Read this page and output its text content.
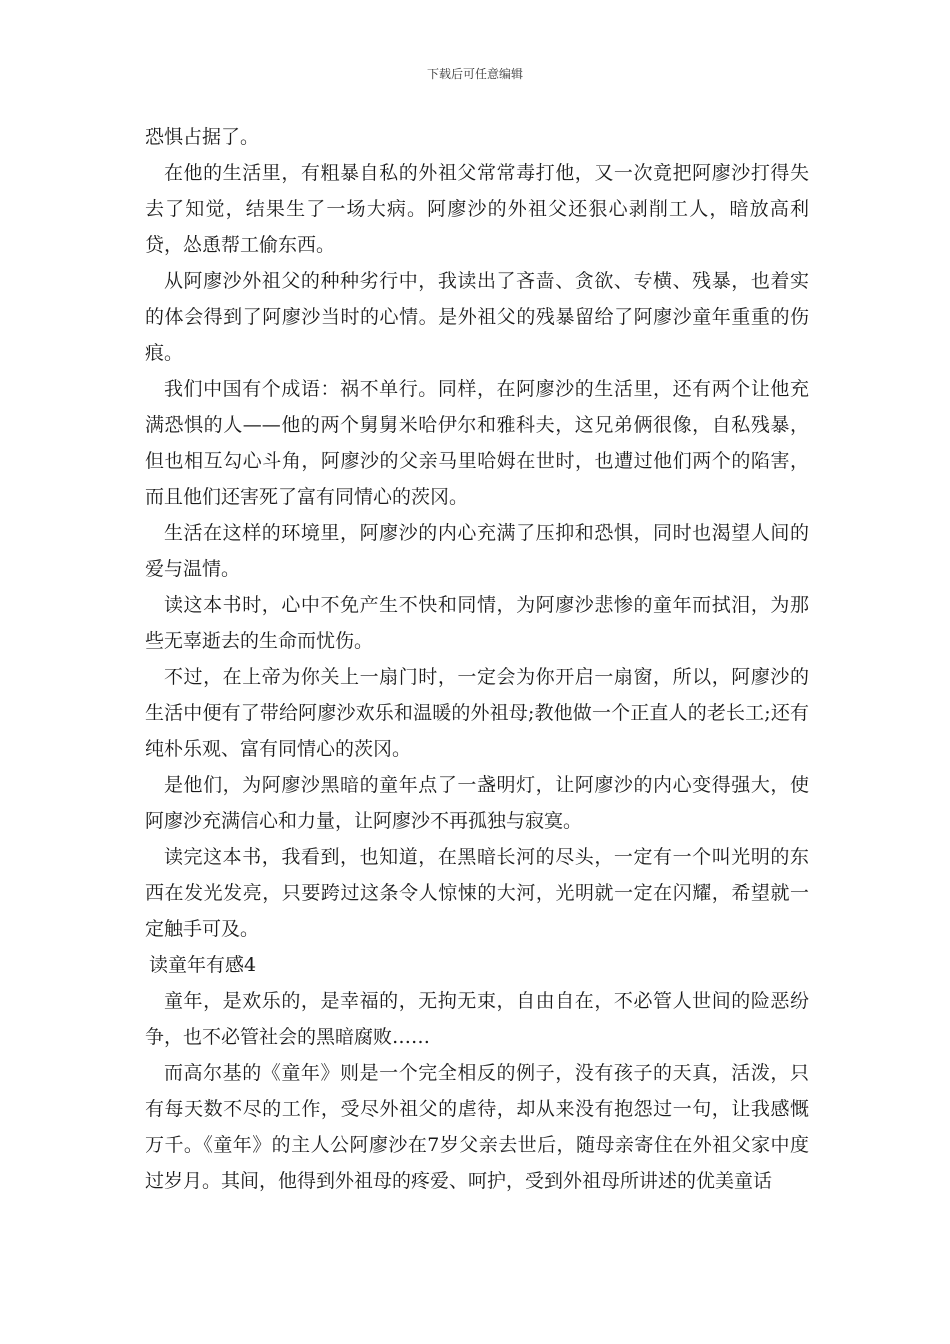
下载后可任意编辑

恐惧占据了。

在他的生活里，有粗暴自私的外祖父常常毒打他，又一次竟把阿廖沙打得失去了知觉，结果生了一场大病。阿廖沙的外祖父还狠心剥削工人，暗放高利贷，怂恿帮工偷东西。

从阿廖沙外祖父的种种劣行中，我读出了吝啬、贪欲、专横、残暴，也着实的体会得到了阿廖沙当时的心情。是外祖父的残暴留给了阿廖沙童年重重的伤痕。

我们中国有个成语：祸不单行。同样，在阿廖沙的生活里，还有两个让他充满恐惧的人——他的两个舅舅米哈伊尔和雅科夫，这兄弟俩很像，自私残暴，但也相互勾心斗角，阿廖沙的父亲马里哈姆在世时，也遭过他们两个的陷害，而且他们还害死了富有同情心的茨冈。

生活在这样的环境里，阿廖沙的内心充满了压抑和恐惧，同时也渴望人间的爱与温情。

读这本书时，心中不免产生不快和同情，为阿廖沙悲惨的童年而拭泪，为那些无辜逝去的生命而忧伤。

不过，在上帝为你关上一扇门时，一定会为你开启一扇窗，所以，阿廖沙的生活中便有了带给阿廖沙欢乐和温暖的外祖母;教他做一个正直人的老长工;还有纯朴乐观、富有同情心的茨冈。

是他们，为阿廖沙黑暗的童年点了一盏明灯，让阿廖沙的内心变得强大，使阿廖沙充满信心和力量，让阿廖沙不再孤独与寂寞。

读完这本书，我看到，也知道，在黑暗长河的尽头，一定有一个叫光明的东西在发光发亮，只要跨过这条令人惊悚的大河，光明就一定在闪耀，希望就一定触手可及。

读童年有感4

童年，是欢乐的，是幸福的，无拘无束，自由自在，不必管人世间的险恶纷争，也不必管社会的黑暗腐败……

而高尔基的《童年》则是一个完全相反的例子，没有孩子的天真，活泼，只有每天数不尽的工作，受尽外祖父的虐待，却从来没有抱怨过一句，让我感慨万千。《童年》的主人公阿廖沙在7岁父亲去世后，随母亲寄住在外祖父家中度过岁月。其间，他得到外祖母的疼爱、呵护，受到外祖母所讲述的优美童话
